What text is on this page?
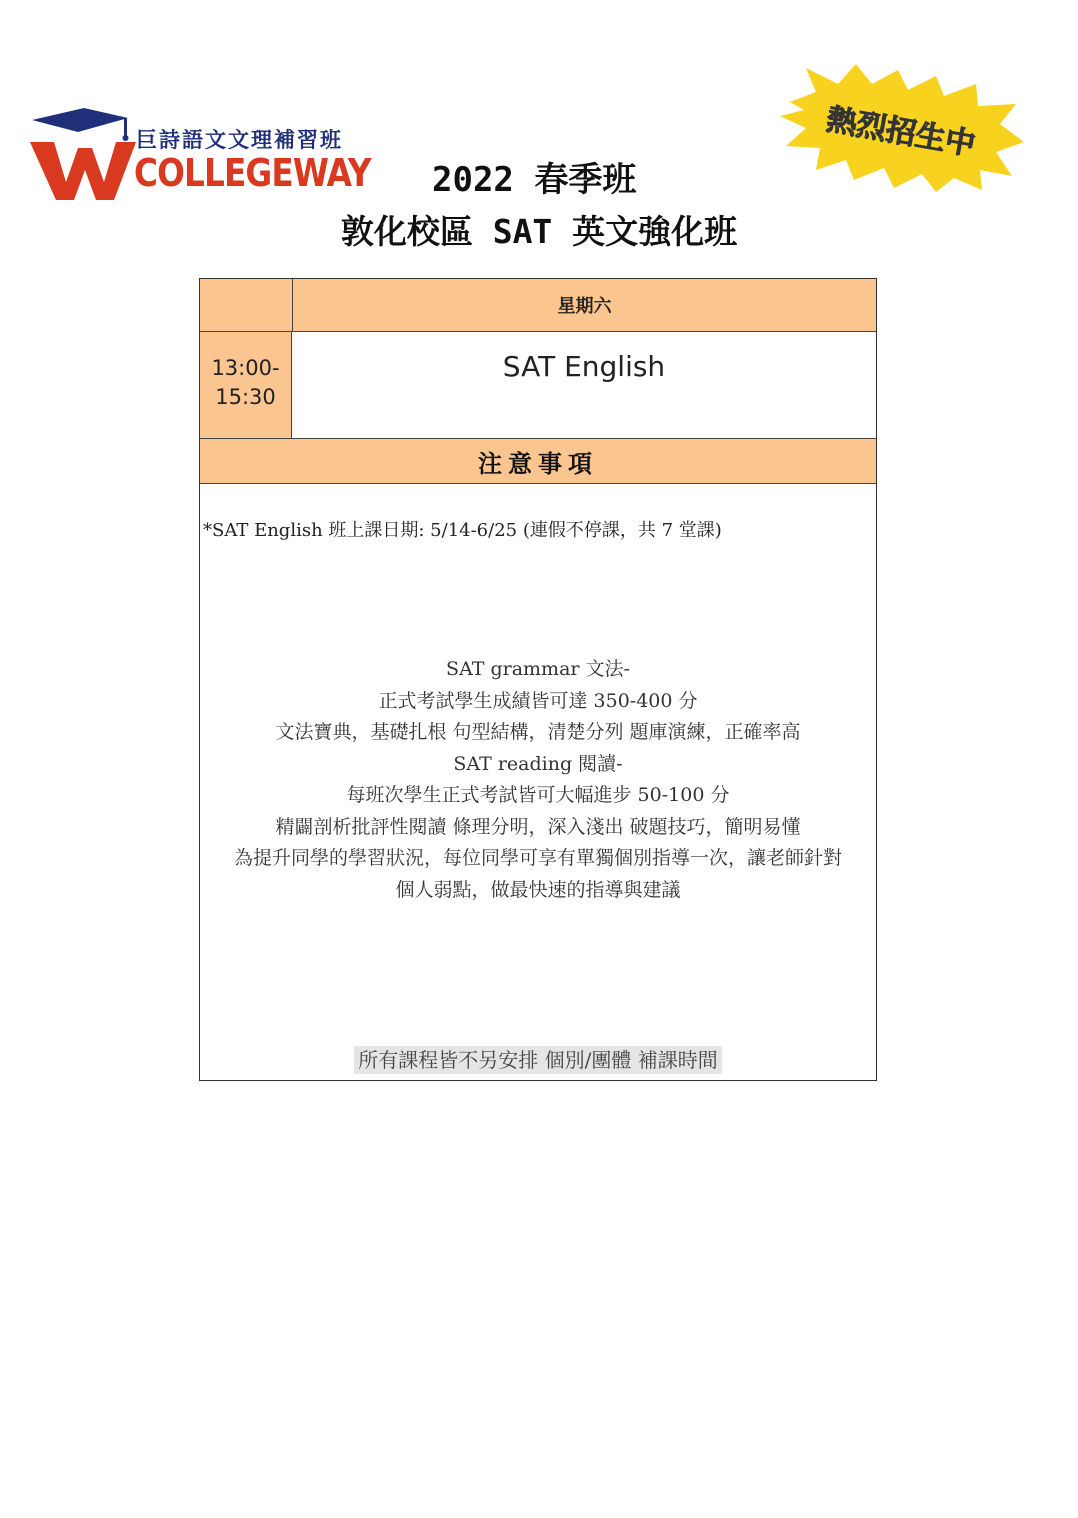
巨詩語文文理補習班
COLLEGEWAY
熱烈招生中
2022 春季班
敦化校區 SAT 英文強化班
星期六
13:00-
15:30
SAT English
注意事項
*SAT English 班上課日期: 5/14-6/25 (連假不停課，共 7 堂課)
SAT grammar 文法-
正式考試學生成績皆可達 350-400 分
文法寶典，基礎扎根 句型結構，清楚分列 題庫演練，正確率高
SAT reading 閱讀-
每班次學生正式考試皆可大幅進步 50-100 分
精闢剖析批評性閱讀 條理分明，深入淺出 破題技巧，簡明易懂
為提升同學的學習狀況，每位同學可享有單獨個別指導一次，讓老師針對
個人弱點，做最快速的指導與建議
所有課程皆不另安排 個別/團體 補課時間
